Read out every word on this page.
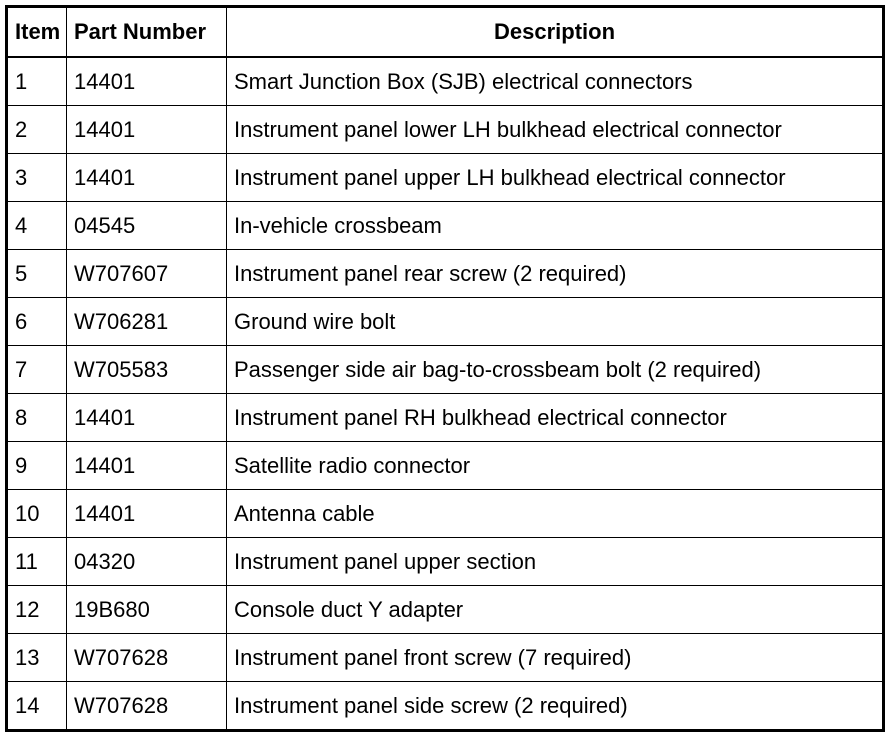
Item	Part Number	Description
1	14401	Smart Junction Box (SJB) electrical connectors
2	14401	Instrument panel lower LH bulkhead electrical connector
3	14401	Instrument panel upper LH bulkhead electrical connector
4	04545	In-vehicle crossbeam
5	W707607	Instrument panel rear screw (2 required)
6	W706281	Ground wire bolt
7	W705583	Passenger side air bag-to-crossbeam bolt (2 required)
8	14401	Instrument panel RH bulkhead electrical connector
9	14401	Satellite radio connector
10	14401	Antenna cable
11	04320	Instrument panel upper section
12	19B680	Console duct Y adapter
13	W707628	Instrument panel front screw (7 required)
14	W707628	Instrument panel side screw (2 required)
